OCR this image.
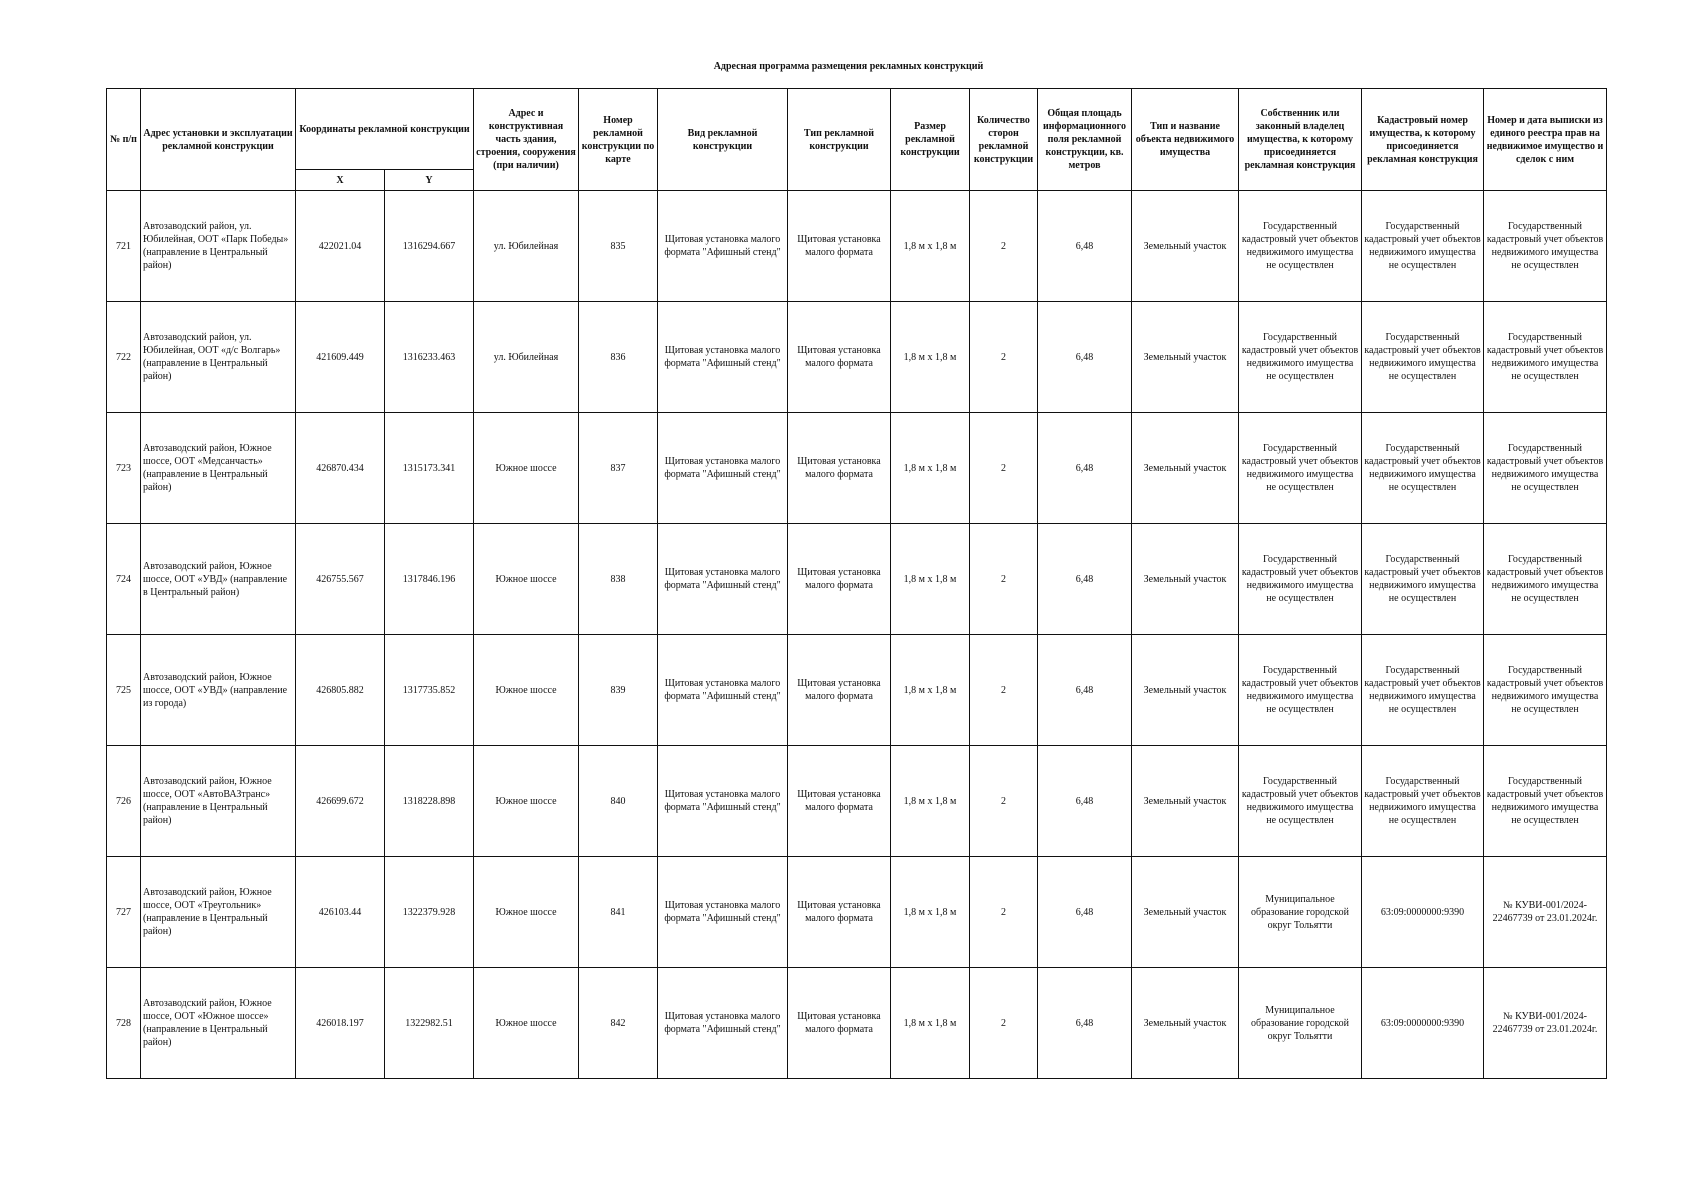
Адресная программа размещения рекламных конструкций
№ п/п	Адрес установки и эксплуатации рекламной конструкции	Координаты рекламной конструкции		Адрес и конструктивная часть здания, строения, сооружения (при наличии)	Номер рекламной конструкции по карте	Вид рекламной конструкции	Тип рекламной конструкции	Размер рекламной конструкции	Количество сторон рекламной конструкции	Общая площадь информационного поля рекламной конструкции, кв. метров	Тип и название объекта недвижимого имущества	Собственник или законный владелец имущества, к которому присоединяется рекламная конструкция	Кадастровый номер имущества, к которому присоединяется рекламная конструкция	Номер и дата выписки из единого реестра прав на недвижимое имущество и сделок с ним
		X	Y											
721	Автозаводский район, ул. Юбилейная, ООТ «Парк Победы» (направление в Центральный район)	422021.04	1316294.667	ул. Юбилейная	835	Щитовая установка малого формата "Афишный стенд"	Щитовая установка малого формата	1,8 м х 1,8 м	2	6,48	Земельный участок	Государственный кадастровый учет объектов недвижимого имущества не осуществлен	Государственный кадастровый учет объектов недвижимого имущества не осуществлен	Государственный кадастровый учет объектов недвижимого имущества не осуществлен
722	Автозаводский район, ул. Юбилейная, ООТ «д/с Волгарь» (направление в Центральный район)	421609.449	1316233.463	ул. Юбилейная	836	Щитовая установка малого формата "Афишный стенд"	Щитовая установка малого формата	1,8 м х 1,8 м	2	6,48	Земельный участок	Государственный кадастровый учет объектов недвижимого имущества не осуществлен	Государственный кадастровый учет объектов недвижимого имущества не осуществлен	Государственный кадастровый учет объектов недвижимого имущества не осуществлен
723	Автозаводский район, Южное шоссе, ООТ «Медсанчасть» (направление в Центральный район)	426870.434	1315173.341	Южное шоссе	837	Щитовая установка малого формата "Афишный стенд"	Щитовая установка малого формата	1,8 м х 1,8 м	2	6,48	Земельный участок	Государственный кадастровый учет объектов недвижимого имущества не осуществлен	Государственный кадастровый учет объектов недвижимого имущества не осуществлен	Государственный кадастровый учет объектов недвижимого имущества не осуществлен
724	Автозаводский район, Южное шоссе, ООТ «УВД» (направление в Центральный район)	426755.567	1317846.196	Южное шоссе	838	Щитовая установка малого формата "Афишный стенд"	Щитовая установка малого формата	1,8 м х 1,8 м	2	6,48	Земельный участок	Государственный кадастровый учет объектов недвижимого имущества не осуществлен	Государственный кадастровый учет объектов недвижимого имущества не осуществлен	Государственный кадастровый учет объектов недвижимого имущества не осуществлен
725	Автозаводский район, Южное шоссе, ООТ «УВД» (направление из города)	426805.882	1317735.852	Южное шоссе	839	Щитовая установка малого формата "Афишный стенд"	Щитовая установка малого формата	1,8 м х 1,8 м	2	6,48	Земельный участок	Государственный кадастровый учет объектов недвижимого имущества не осуществлен	Государственный кадастровый учет объектов недвижимого имущества не осуществлен	Государственный кадастровый учет объектов недвижимого имущества не осуществлен
726	Автозаводский район, Южное шоссе, ООТ «АвтоВАЗтранс» (направление в Центральный район)	426699.672	1318228.898	Южное шоссе	840	Щитовая установка малого формата "Афишный стенд"	Щитовая установка малого формата	1,8 м х 1,8 м	2	6,48	Земельный участок	Государственный кадастровый учет объектов недвижимого имущества не осуществлен	Государственный кадастровый учет объектов недвижимого имущества не осуществлен	Государственный кадастровый учет объектов недвижимого имущества не осуществлен
727	Автозаводский район, Южное шоссе, ООТ «Треугольник» (направление в Центральный район)	426103.44	1322379.928	Южное шоссе	841	Щитовая установка малого формата "Афишный стенд"	Щитовая установка малого формата	1,8 м х 1,8 м	2	6,48	Земельный участок	Муниципальное образование городской округ Тольятти	63:09:0000000:9390	№ КУВИ-001/2024-22467739 от 23.01.2024г.
728	Автозаводский район, Южное шоссе, ООТ «Южное шоссе» (направление в Центральный район)	426018.197	1322982.51	Южное шоссе	842	Щитовая установка малого формата "Афишный стенд"	Щитовая установка малого формата	1,8 м х 1,8 м	2	6,48	Земельный участок	Муниципальное образование городской округ Тольятти	63:09:0000000:9390	№ КУВИ-001/2024-22467739 от 23.01.2024г.
